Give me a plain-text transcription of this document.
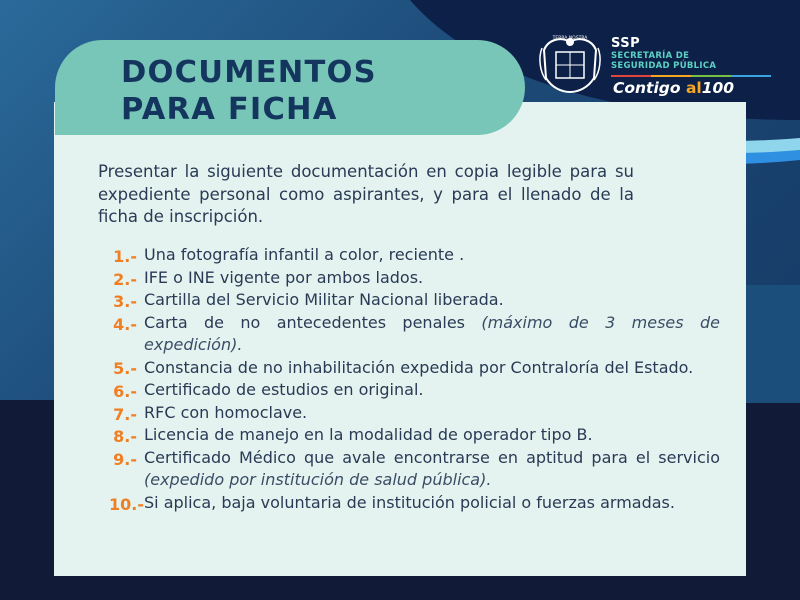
DOCUMENTOS
PARA FICHA
TERRA NOSTRA SSP
SECRETARÍA DE
SEGURIDAD PÚBLICA
Contigo al100

Presentar la siguiente documentación en copia legible para su expediente personal como aspirantes, y para el llenado de la ficha de inscripción.

1.-
2.-
3.-
4.-
5.-
6.-
7.-
8.-
9.-
10.-
Una fotografía infantil a color, reciente .
IFE o INE vigente por ambos lados.
Cartilla del Servicio Militar Nacional liberada.
Carta de no antecedentes penales (máximo de 3 meses de expedición).
Constancia de no inhabilitación expedida por Contraloría del Estado.
Certificado de estudios en original.
RFC con homoclave.
Licencia de manejo en la modalidad de operador tipo B.
Certificado Médico que avale encontrarse en aptitud para el servicio (expedido por institución de salud pública).
Si aplica, baja voluntaria de institución policial o fuerzas armadas.
